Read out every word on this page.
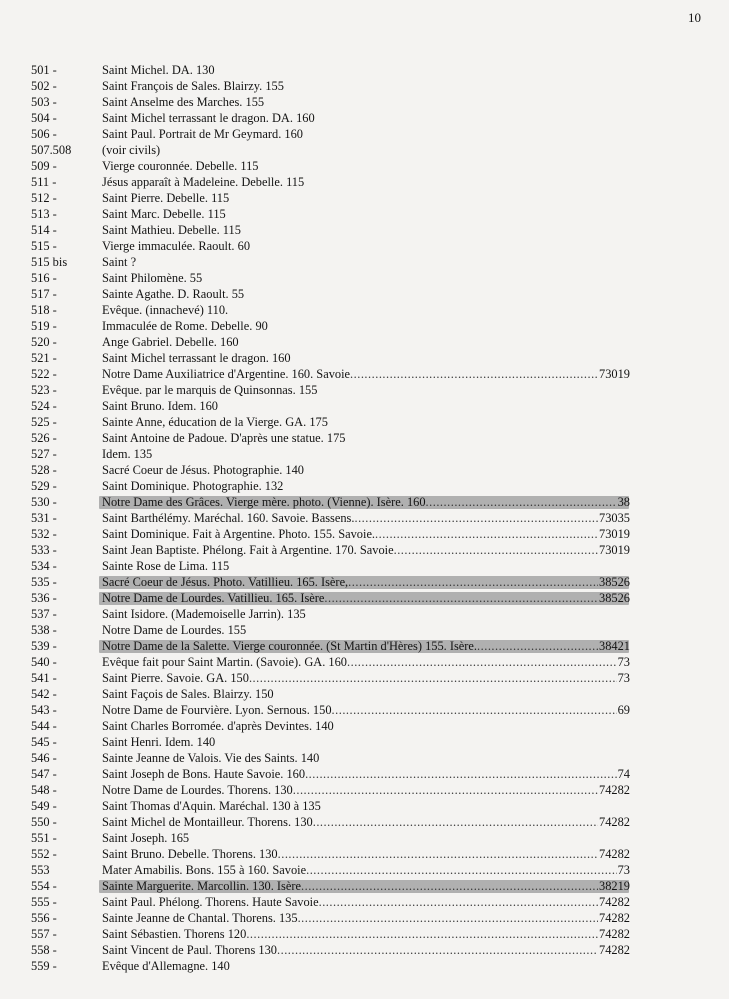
10
501 -	Saint Michel. DA. 130
502 -	Saint François de Sales. Blairzy. 155
503 -	Saint Anselme des Marches. 155
504 -	Saint Michel terrassant le dragon. DA. 160
506 -	Saint Paul. Portrait de Mr Geymard. 160
507.508	(voir civils)
509 -	Vierge couronnée. Debelle. 115
511 -	Jésus apparaît à Madeleine. Debelle. 115
512 -	Saint Pierre. Debelle. 115
513 -	Saint Marc. Debelle. 115
514 -	Saint Mathieu. Debelle. 115
515 -	Vierge immaculée. Raoult. 60
515 bis	Saint ?
516 -	Saint Philomène. 55
517 -	Sainte Agathe. D. Raoult. 55
518 -	Evêque. (innachevé) 110.
519 -	Immaculée de Rome. Debelle. 90
520 -	Ange Gabriel. Debelle. 160
521 -	Saint Michel terrassant le dragon. 160
522 -	Notre Dame Auxiliatrice d'Argentine. 160. Savoie .....	73019
523 -	Evêque. par le marquis de Quinsonnas. 155
524 -	Saint Bruno. Idem. 160
525 -	Sainte Anne, éducation de la Vierge. GA. 175
526 -	Saint Antoine de Padoue. D'après une statue. 175
527 -	Idem. 135
528 -	Sacré Coeur de Jésus. Photographie. 140
529 -	Saint Dominique. Photographie. 132
530 -	Notre Dame des Grâces. Vierge mère. photo. (Vienne). Isère. 160 .....	38
531 -	Saint Barthélémy. Maréchal. 160. Savoie. Bassens. .....	73035
532 -	Saint Dominique. Fait à Argentine. Photo. 155. Savoie. .....	73019
533 -	Saint Jean Baptiste. Phélong. Fait à Argentine. 170. Savoie .....	73019
534 -	Sainte Rose de Lima. 115
535 -	Sacré Coeur de Jésus. Photo. Vatillieu. 165. Isère, .....	38526
536 -	Notre Dame de Lourdes. Vatillieu. 165. Isère .....	38526
537 -	Saint Isidore. (Mademoiselle Jarrin). 135
538 -	Notre Dame de Lourdes. 155
539 -	Notre Dame de la Salette. Vierge couronnée. (St Martin d'Hères) 155. Isère. .....	38421
540 -	Evêque fait pour Saint Martin. (Savoie). GA. 160 .....	73
541 -	Saint Pierre. Savoie. GA. 150 .....	73
542 -	Saint Façois de Sales. Blairzy. 150
543 -	Notre Dame de Fourvière. Lyon. Sernous. 150 .....	69
544 -	Saint Charles Borromée. d'après Devintes. 140
545 -	Saint Henri. Idem. 140
546 -	Sainte Jeanne de Valois. Vie des Saints. 140
547 -	Saint Joseph de Bons. Haute Savoie. 160 .....	74
548 -	Notre Dame de Lourdes. Thorens. 130 .....	74282
549 -	Saint Thomas d'Aquin. Maréchal. 130 à 135
550 -	Saint Michel de Montailleur. Thorens. 130 .....	74282
551 -	Saint Joseph. 165
552 -	Saint Bruno. Debelle. Thorens. 130 .....	74282
553	Mater Amabilis. Bons. 155 à 160. Savoie .....	73
554 -	Sainte Marguerite. Marcollin. 130. Isère .....	38219
555 -	Saint Paul. Phélong. Thorens. Haute Savoie .....	74282
556 -	Sainte Jeanne de Chantal. Thorens. 135 .....	74282
557 -	Saint Sébastien. Thorens 120 .....	74282
558 -	Saint Vincent de Paul. Thorens 130 .....	74282
559 -	Evêque d'Allemagne. 140
